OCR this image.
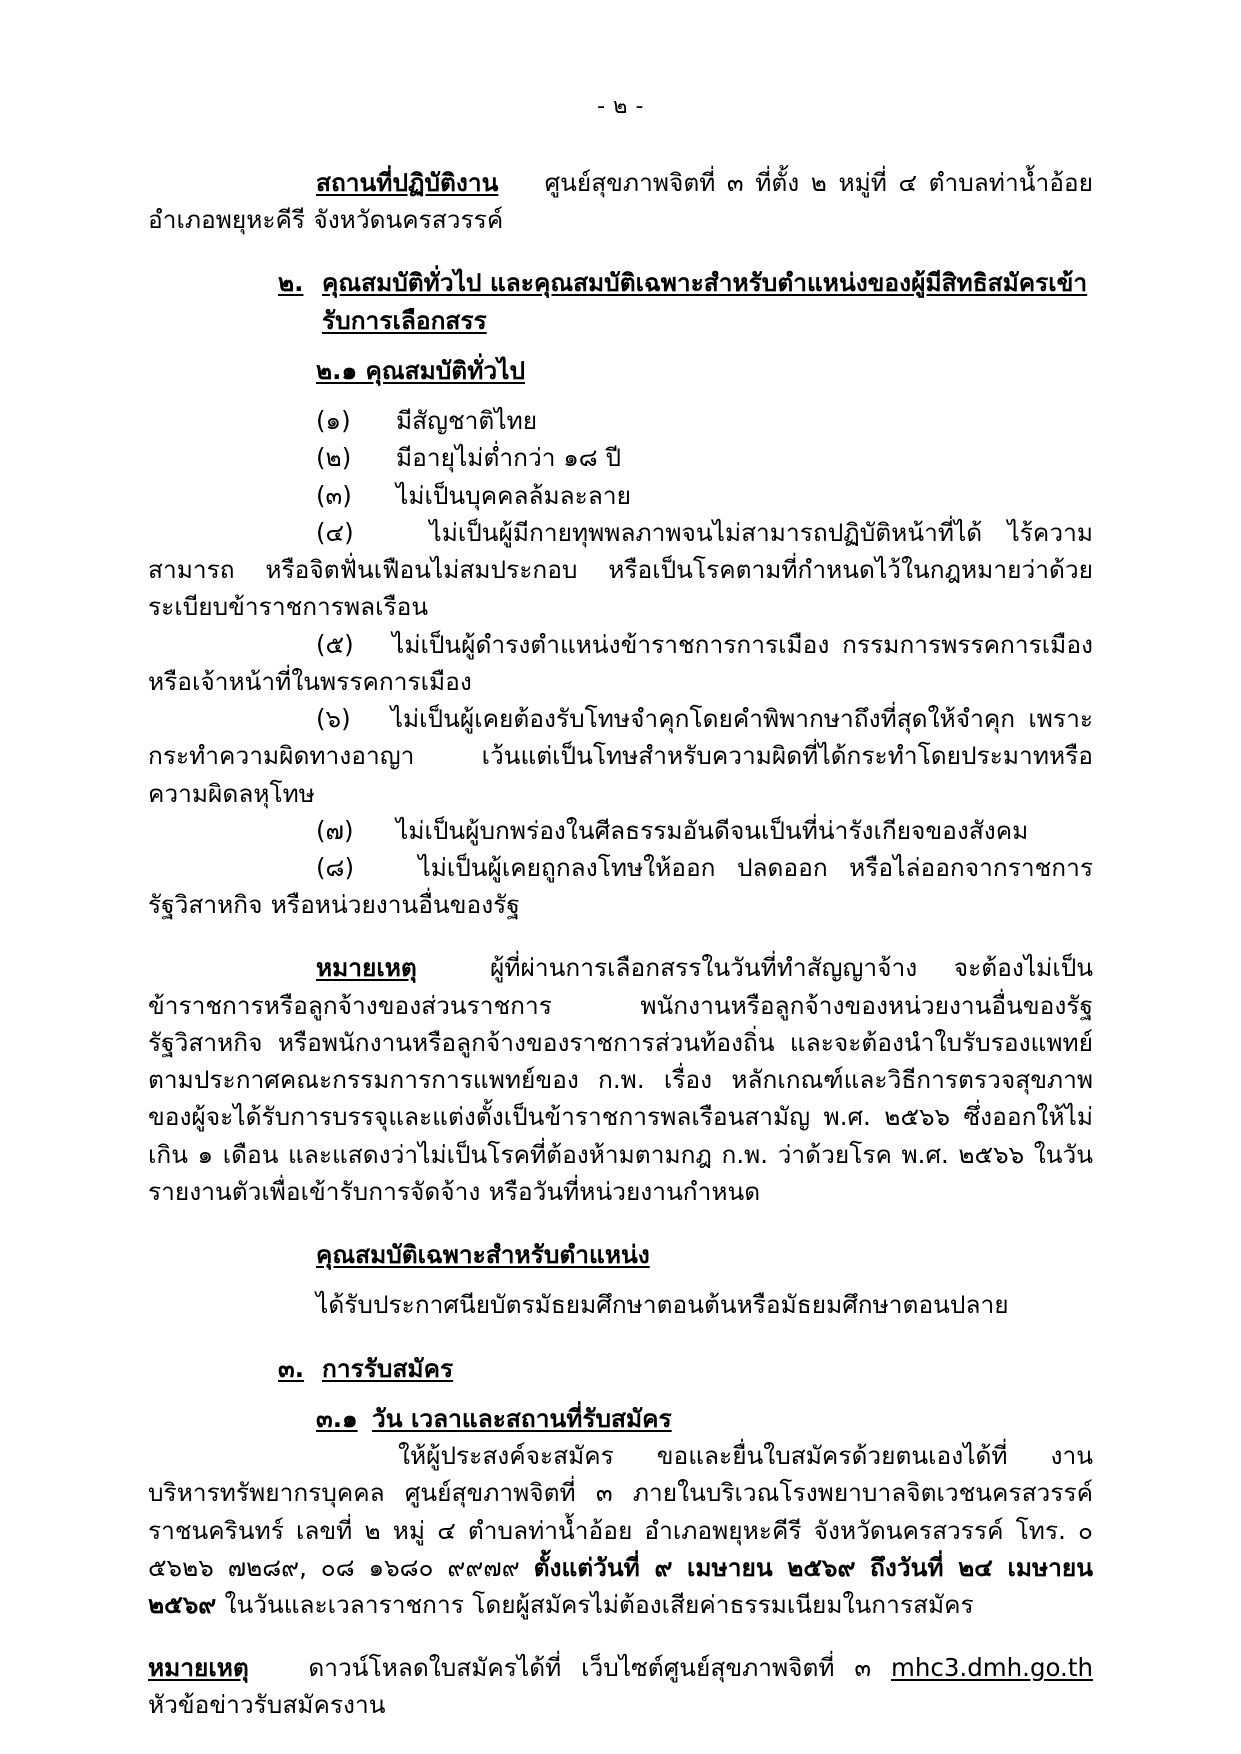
- ๒ -

สถานที่ปฏิบัติงาน ศูนย์สุขภาพจิตที่ ๓ ที่ตั้ง ๒ หมู่ที่ ๔ ตำบลท่าน้ำอ้อย อำเภอพยุหะคีรี จังหวัดนครสวรรค์

๒. คุณสมบัติทั่วไป และคุณสมบัติเฉพาะสำหรับตำแหน่งของผู้มีสิทธิสมัครเข้ารับการเลือกสรร
๒.๑ คุณสมบัติทั่วไป
(๑)	มีสัญชาติไทย
(๒)	มีอายุไม่ต่ำกว่า ๑๘ ปี
(๓)	ไม่เป็นบุคคลล้มละลาย

(๔)	ไม่เป็นผู้มีกายทุพพลภาพจนไม่สามารถปฏิบัติหน้าที่ได้ ไร้ความสามารถ หรือจิตฟั่นเฟือนไม่สมประกอบ หรือเป็นโรคตามที่กำหนดไว้ในกฎหมายว่าด้วยระเบียบข้าราชการพลเรือน

(๕) ไม่เป็นผู้ดำรงตำแหน่งข้าราชการการเมือง กรรมการพรรคการเมือง หรือเจ้าหน้าที่ในพรรคการเมือง

(๖) ไม่เป็นผู้เคยต้องรับโทษจำคุกโดยคำพิพากษาถึงที่สุดให้จำคุก เพราะกระทำความผิดทางอาญา เว้นแต่เป็นโทษสำหรับความผิดที่ได้กระทำโดยประมาทหรือความผิดลหุโทษ

(๗)	ไม่เป็นผู้บกพร่องในศีลธรรมอันดีจนเป็นที่น่ารังเกียจของสังคม

(๘)	ไม่เป็นผู้เคยถูกลงโทษให้ออก ปลดออก หรือไล่ออกจากราชการ รัฐวิสาหกิจ หรือหน่วยงานอื่นของรัฐ

หมายเหตุ	ผู้ที่ผ่านการเลือกสรรในวันที่ทำสัญญาจ้าง จะต้องไม่เป็นข้าราชการหรือลูกจ้างของส่วนราชการ พนักงานหรือลูกจ้างของหน่วยงานอื่นของรัฐ รัฐวิสาหกิจ หรือพนักงานหรือลูกจ้างของราชการส่วนท้องถิ่น และจะต้องนำใบรับรองแพทย์ ตามประกาศคณะกรรมการการแพทย์ของ ก.พ. เรื่อง หลักเกณฑ์และวิธีการตรวจสุขภาพของผู้จะได้รับการบรรจุและแต่งตั้งเป็นข้าราชการพลเรือนสามัญ พ.ศ. ๒๕๖๖ ซึ่งออกให้ไม่เกิน ๑ เดือน และแสดงว่าไม่เป็นโรคที่ต้องห้ามตามกฎ ก.พ. ว่าด้วยโรค พ.ศ. ๒๕๖๖ ในวันรายงานตัวเพื่อเข้ารับการจัดจ้าง หรือวันที่หน่วยงานกำหนด

คุณสมบัติเฉพาะสำหรับตำแหน่ง
ได้รับประกาศนียบัตรมัธยมศึกษาตอนต้นหรือมัธยมศึกษาตอนปลาย
๓. การรับสมัคร
๓.๑ วัน เวลาและสถานที่รับสมัคร

ให้ผู้ประสงค์จะสมัคร ขอและยื่นใบสมัครด้วยตนเองได้ที่ งานบริหารทรัพยากรบุคคล ศูนย์สุขภาพจิตที่ ๓ ภายในบริเวณโรงพยาบาลจิตเวชนครสวรรค์ราชนครินทร์ เลขที่ ๒ หมู่ ๔ ตำบลท่าน้ำอ้อย อำเภอพยุหะคีรี จังหวัดนครสวรรค์ โทร. ๐ ๕๖๒๖ ๗๒๘๙, ๐๘ ๑๖๘๐ ๙๙๗๙ ตั้งแต่วันที่ ๙ เมษายน ๒๕๖๙ ถึงวันที่ ๒๔ เมษายน ๒๕๖๙ ในวันและเวลาราชการ โดยผู้สมัครไม่ต้องเสียค่าธรรมเนียมในการสมัคร

หมายเหตุ ดาวน์โหลดใบสมัครได้ที่ เว็บไซต์ศูนย์สุขภาพจิตที่ ๓ mhc3.dmh.go.th หัวข้อข่าวรับสมัครงาน
